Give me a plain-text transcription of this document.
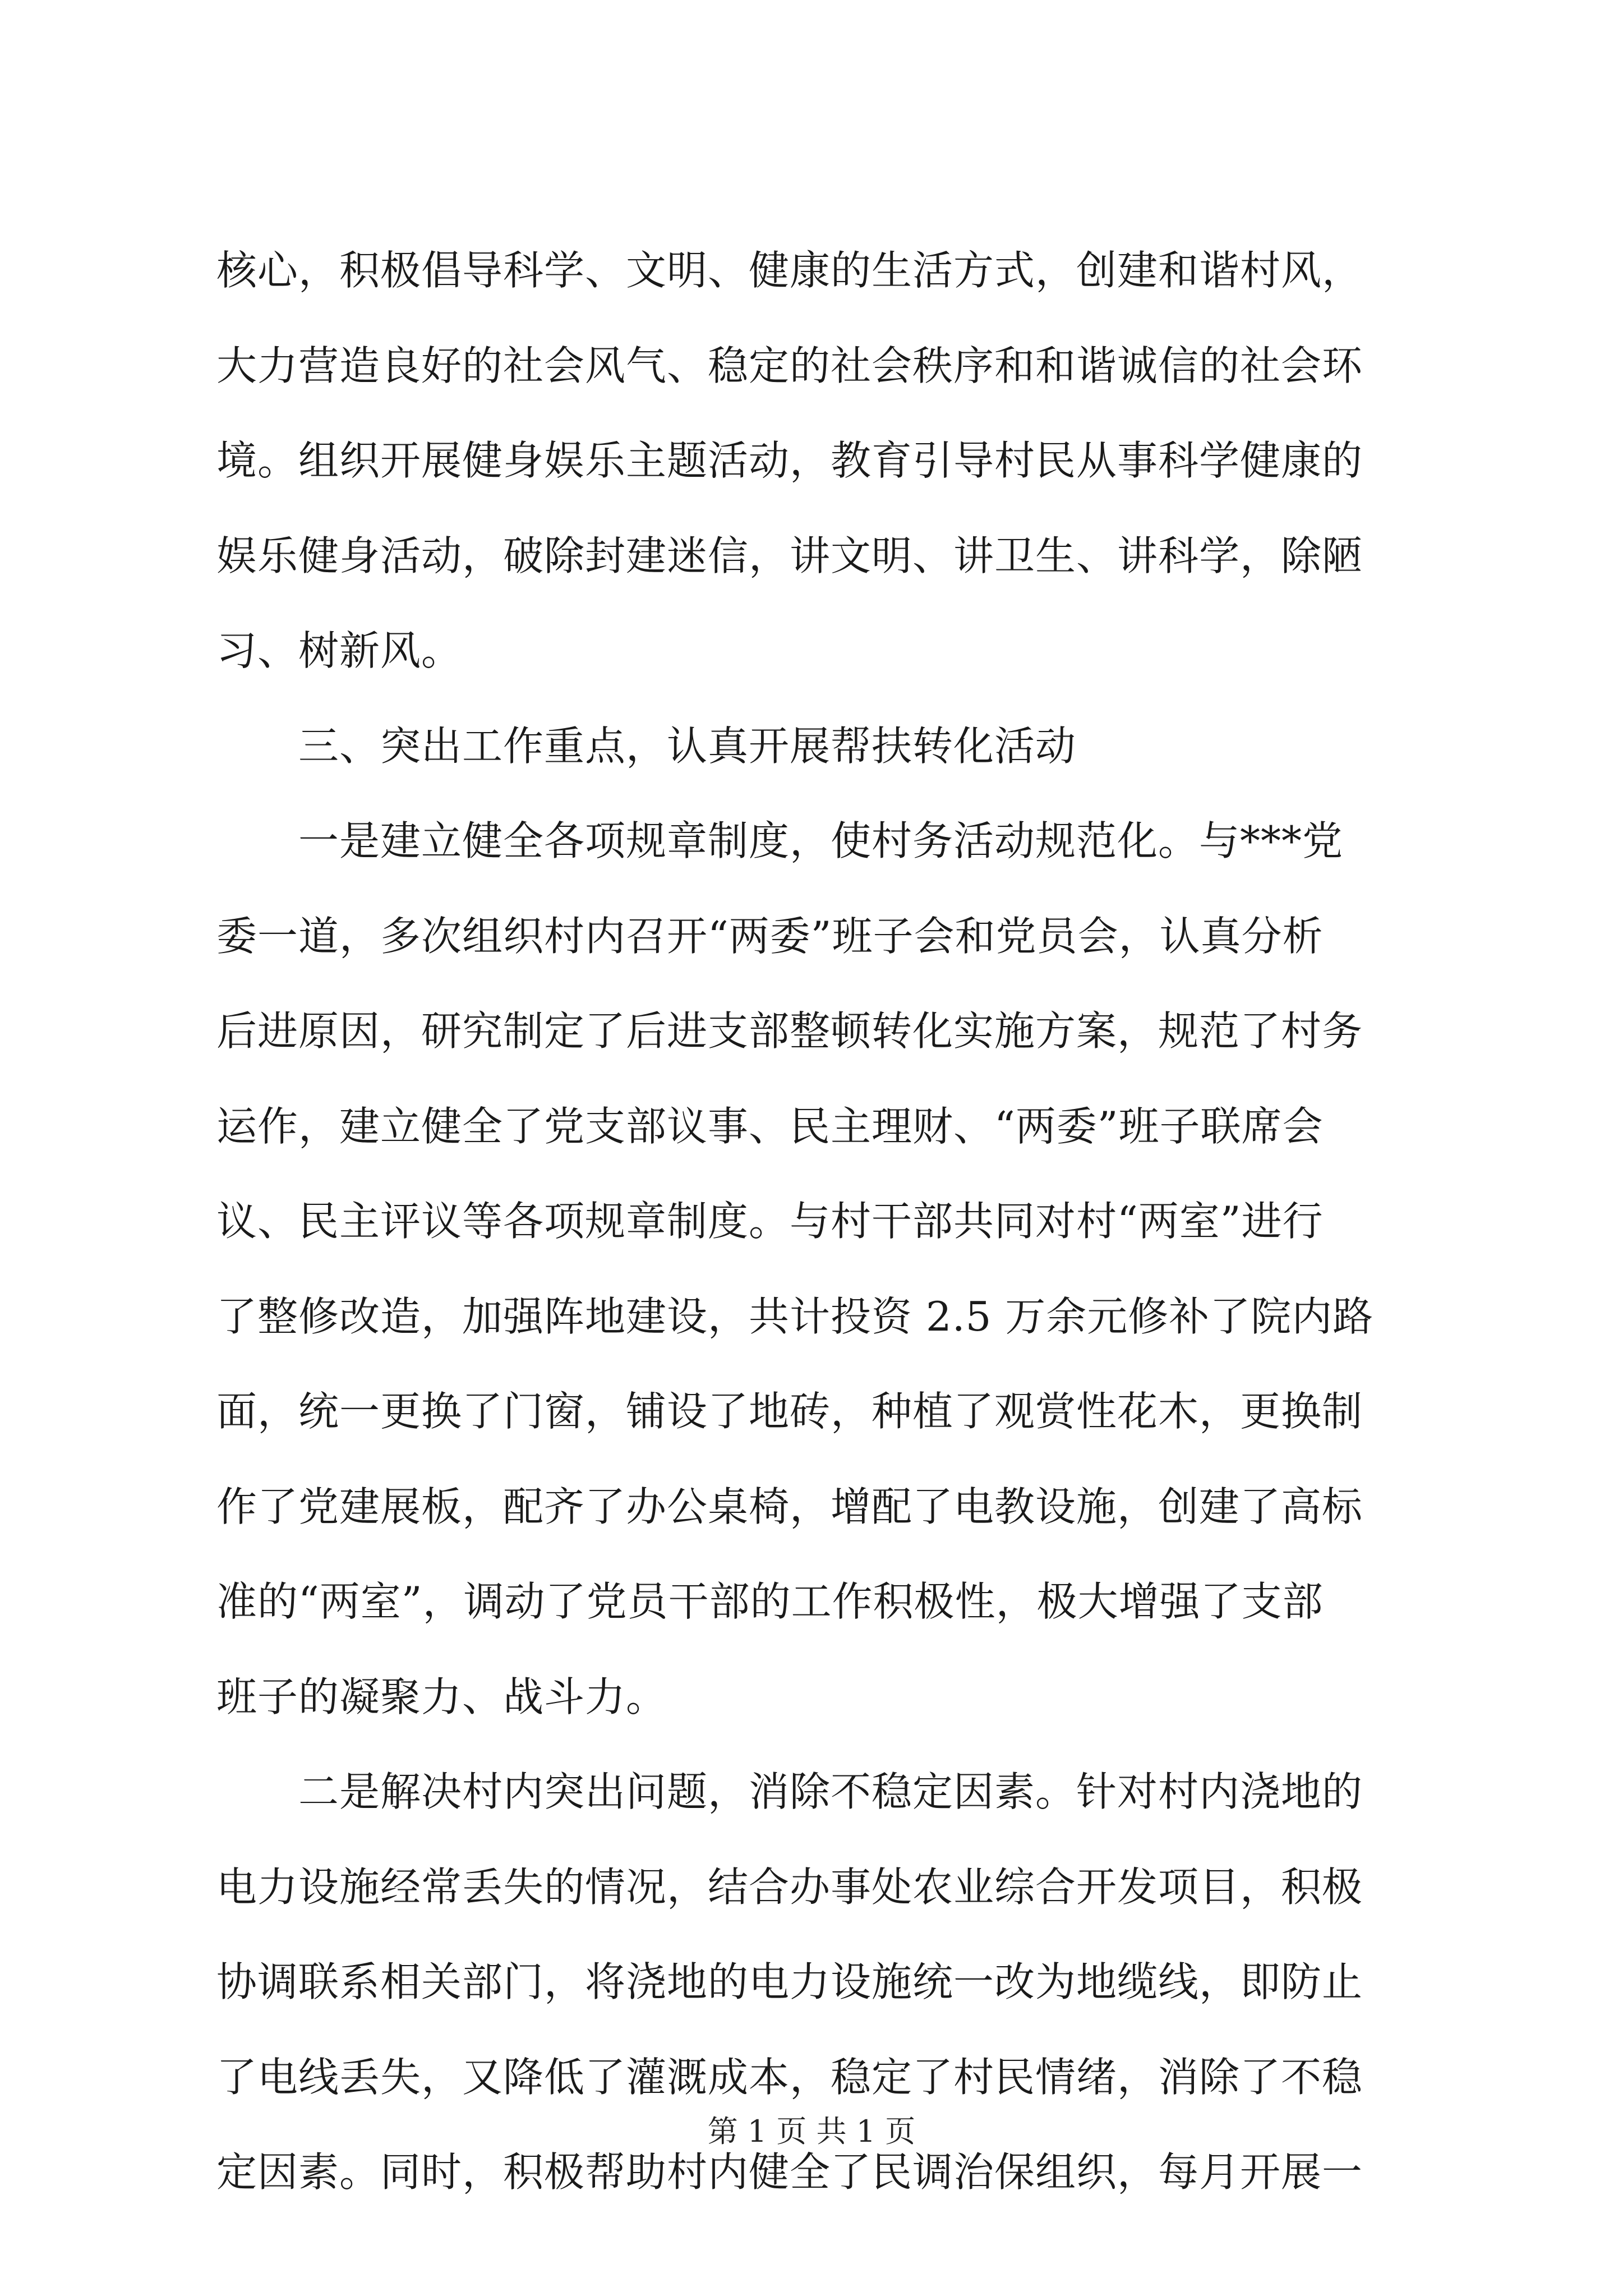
核心，积极倡导科学、文明、健康的生活方式，创建和谐村风，
大力营造良好的社会风气、稳定的社会秩序和和谐诚信的社会环
境。组织开展健身娱乐主题活动，教育引导村民从事科学健康的
娱乐健身活动，破除封建迷信，讲文明、讲卫生、讲科学，除陋
习、树新风。
　　三、突出工作重点，认真开展帮扶转化活动
　　一是建立健全各项规章制度，使村务活动规范化。与***党
委一道，多次组织村内召开“两委”班子会和党员会，认真分析
后进原因，研究制定了后进支部整顿转化实施方案，规范了村务
运作，建立健全了党支部议事、民主理财、“两委”班子联席会
议、民主评议等各项规章制度。与村干部共同对村“两室”进行
了整修改造，加强阵地建设，共计投资 2.5 万余元修补了院内路
面，统一更换了门窗，铺设了地砖，种植了观赏性花木，更换制
作了党建展板，配齐了办公桌椅，增配了电教设施，创建了高标
准的“两室”，调动了党员干部的工作积极性，极大增强了支部
班子的凝聚力、战斗力。
　　二是解决村内突出问题，消除不稳定因素。针对村内浇地的
电力设施经常丢失的情况，结合办事处农业综合开发项目，积极
协调联系相关部门，将浇地的电力设施统一改为地缆线，即防止
了电线丢失，又降低了灌溉成本，稳定了村民情绪，消除了不稳
定因素。同时，积极帮助村内健全了民调治保组织，每月开展一
第 1 页 共 1 页
